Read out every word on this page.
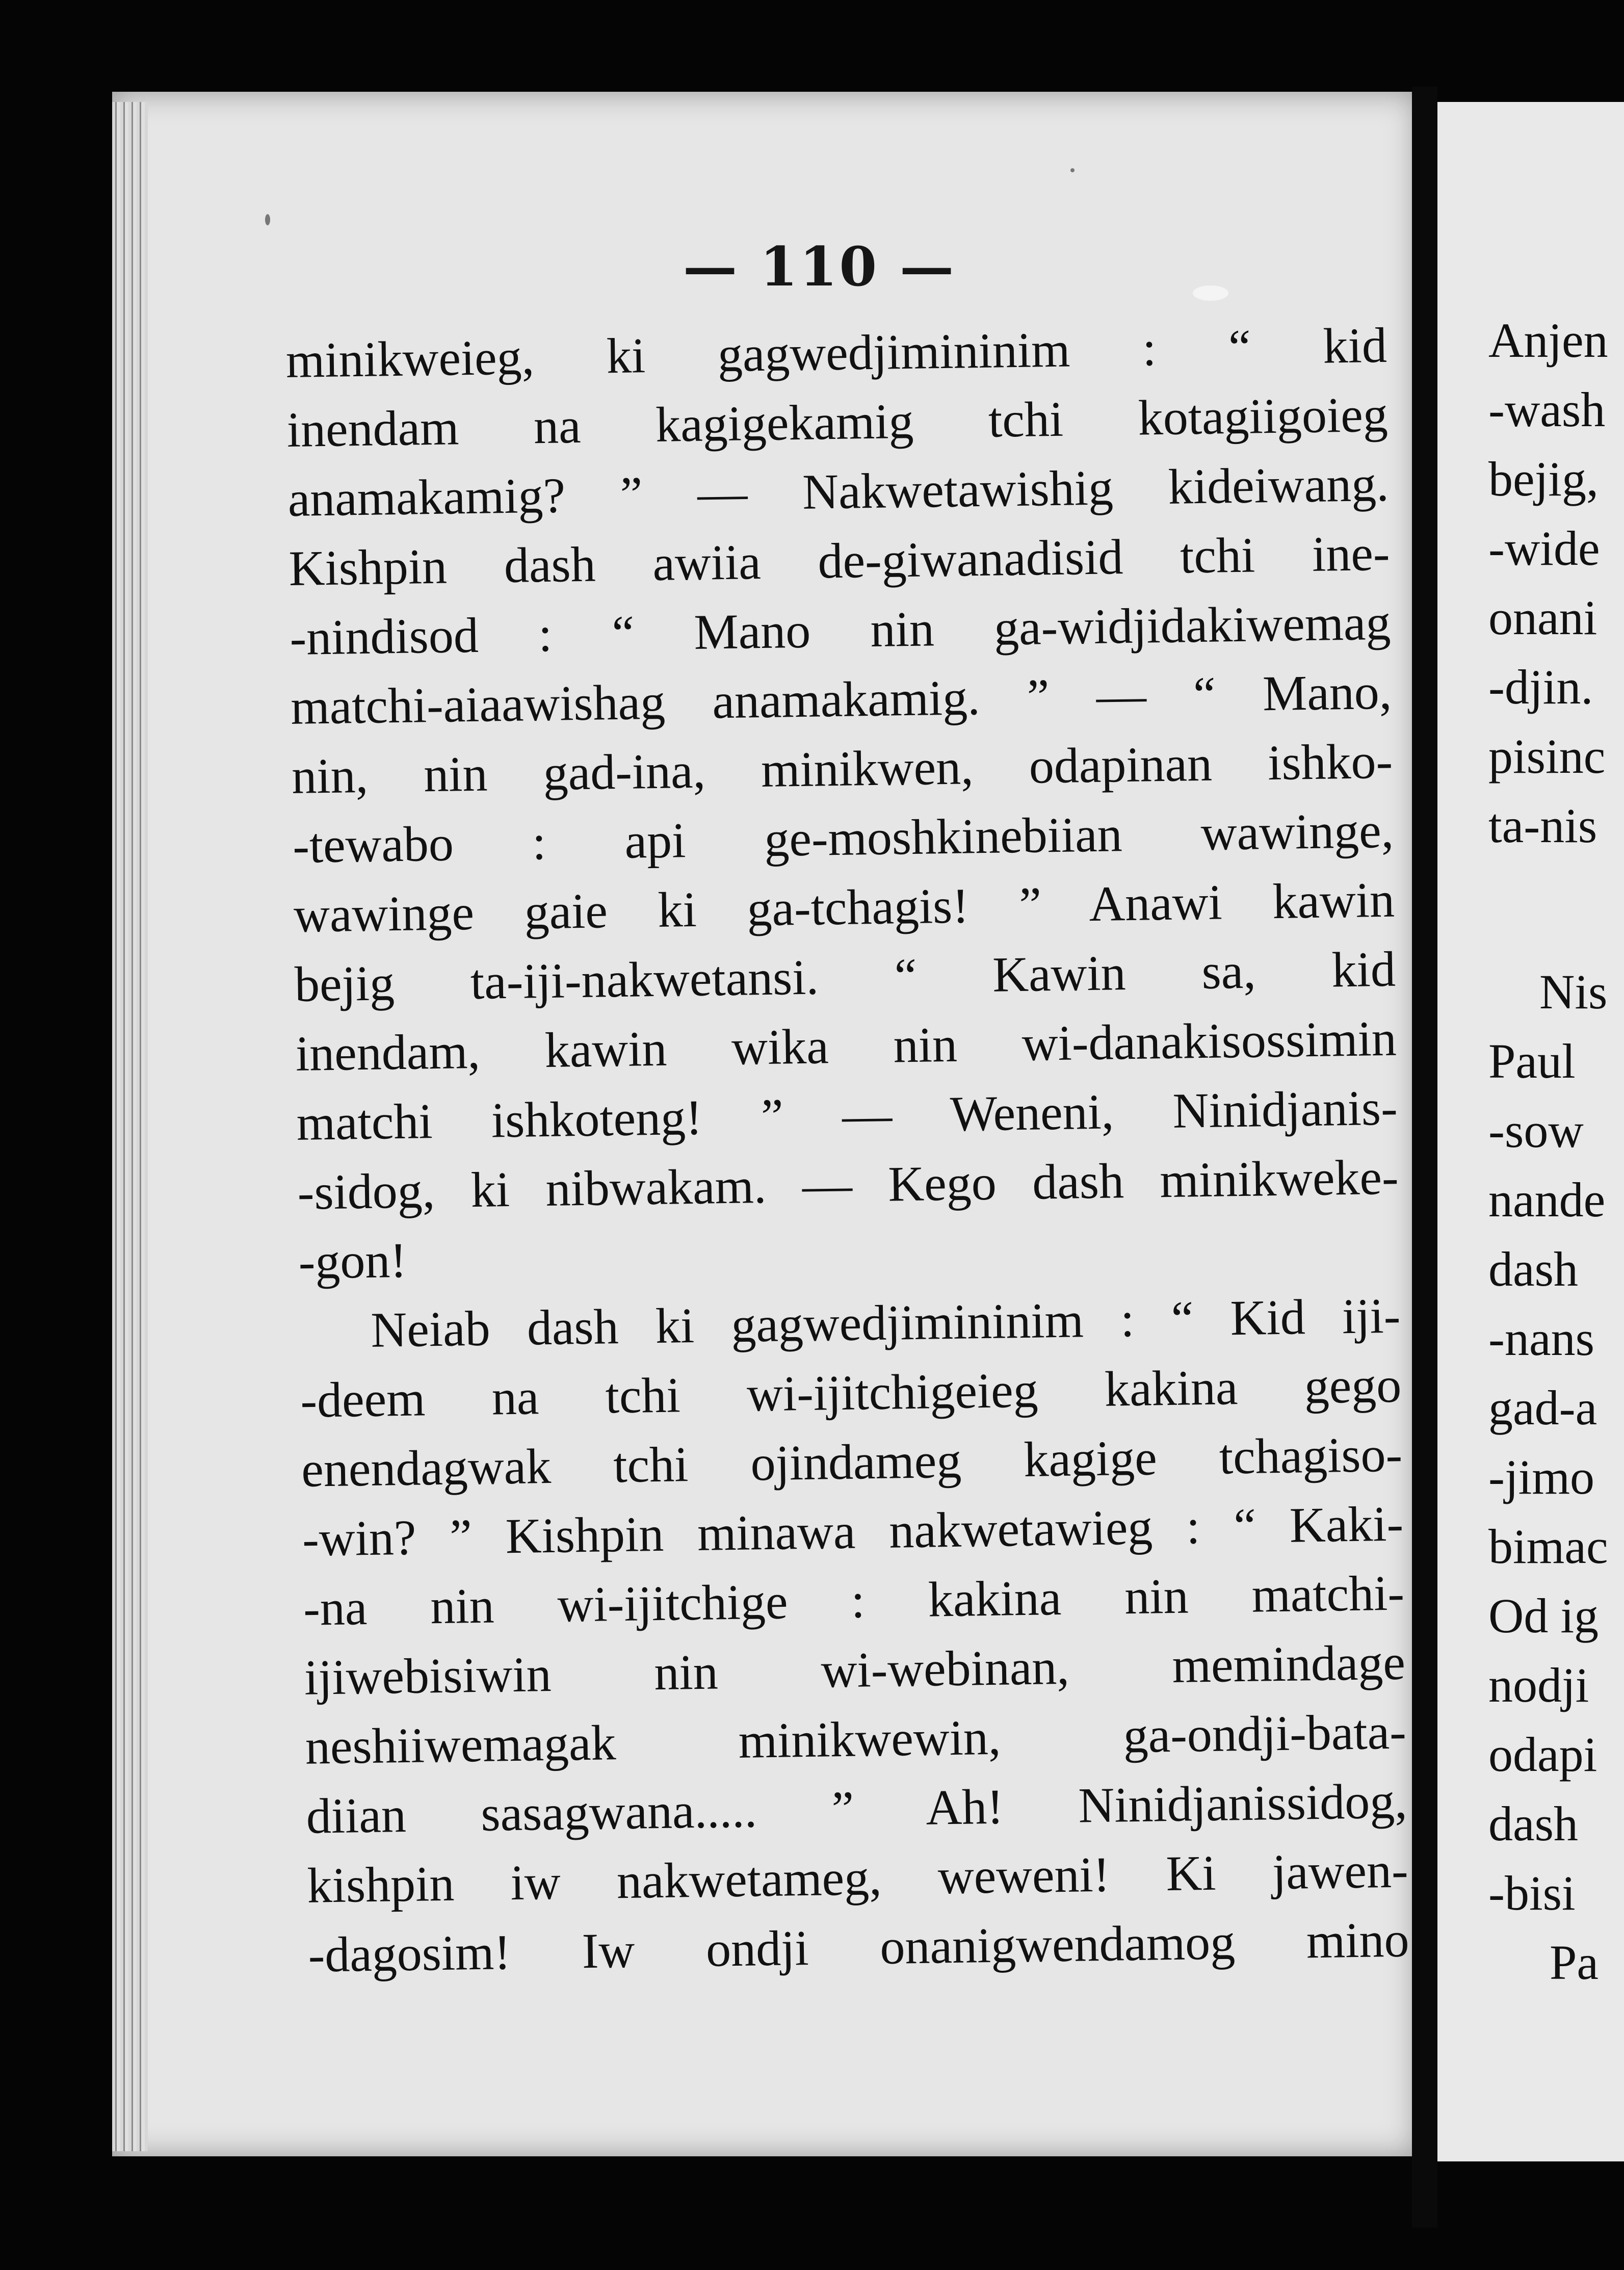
— 110 —
minikweieg, ki gagwedjimininim : “ kid
inendam na kagigekamig tchi kotagiigoieg
anamakamig? ” — Nakwetawishig kideiwang.
Kishpin dash awiia de-giwanadisid tchi ine-
-nindisod : “ Mano nin ga-widjidakiwemag
matchi-aiaawishag anamakamig. ” — “ Mano,
nin, nin gad-ina, minikwen, odapinan ishko-
-tewabo : api ge-moshkinebiian wawinge,
wawinge gaie ki ga-tchagis! ” Anawi kawin
bejig ta-iji-nakwetansi. “ Kawin sa, kid
inendam, kawin wika nin wi-danakisossimin
matchi ishkoteng! ” — Weneni, Ninidjanis-
-sidog, ki nibwakam. — Kego dash minikweke-
-gon!
Neiab dash ki gagwedjimininim : “ Kid iji-
-deem na tchi wi-ijitchigeieg kakina gego
enendagwak tchi ojindameg kagige tchagiso-
-win? ” Kishpin minawa nakwetawieg : “ Kaki-
-na nin wi-ijitchige : kakina nin matchi-
ijiwebisiwin nin wi-webinan, memindage
neshiiwemagak minikwewin, ga-ondji-bata-
diian sasagwana..... ” Ah! Ninidjanissidog,
kishpin iw nakwetameg, weweni! Ki jawen-
-dagosim! Iw ondji onanigwendamog mino
Anjen
-wash
bejig,
-wide
onani
-djin.
pisinc
ta-nis
Nis
Paul
-sow
nande
dash
-nans
gad-a
-jimo
bimac
Od ig
nodji
odapi
dash
-bisi
Pa
